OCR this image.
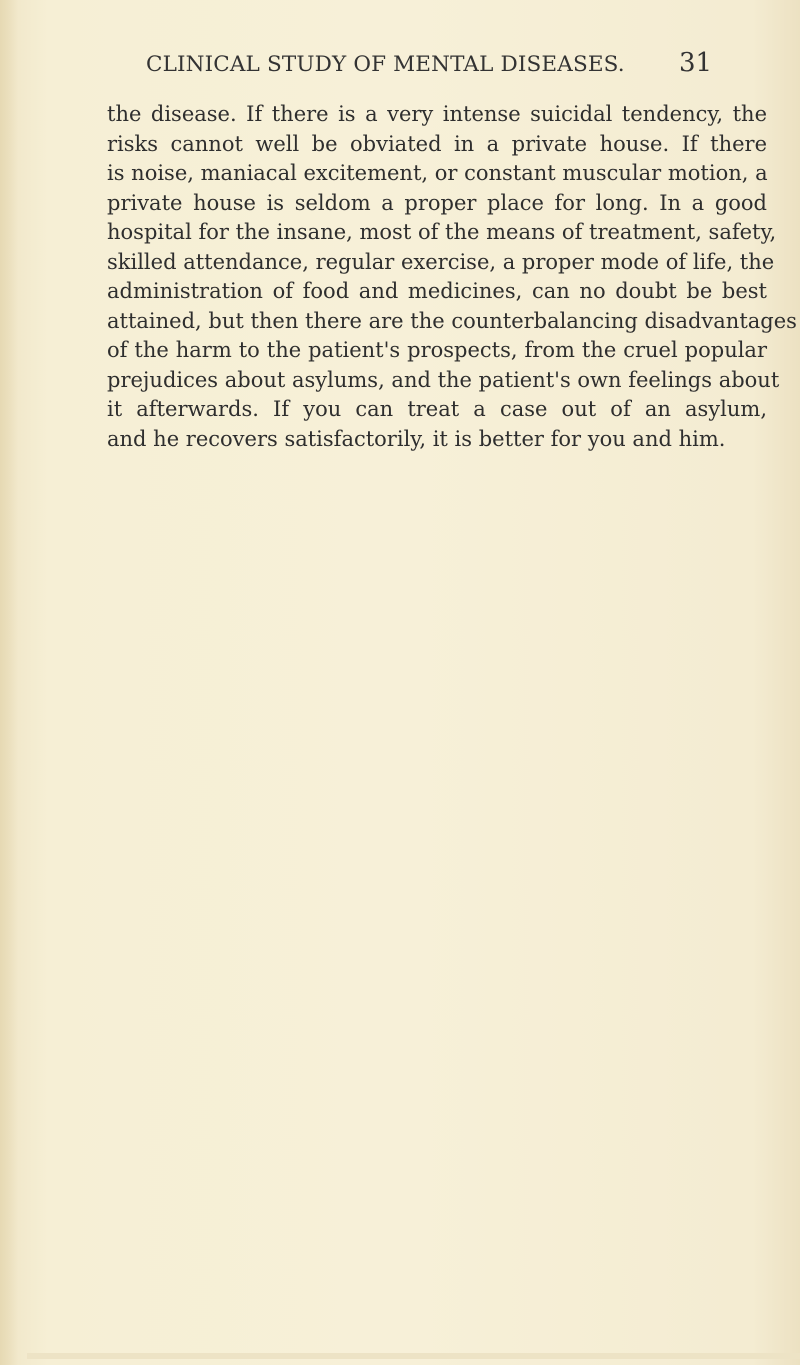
CLINICAL STUDY OF MENTAL DISEASES. 31
the disease. If there is a very intense suicidal tendency, the
risks cannot well be obviated in a private house. If there
is noise, maniacal excitement, or constant muscular motion, a
private house is seldom a proper place for long. In a good
hospital for the insane, most of the means of treatment, safety,
skilled attendance, regular exercise, a proper mode of life, the
administration of food and medicines, can no doubt be best
attained, but then there are the counterbalancing disadvantages
of the harm to the patient's prospects, from the cruel popular
prejudices about asylums, and the patient's own feelings about
it afterwards. If you can treat a case out of an asylum,
and he recovers satisfactorily, it is better for you and him.
